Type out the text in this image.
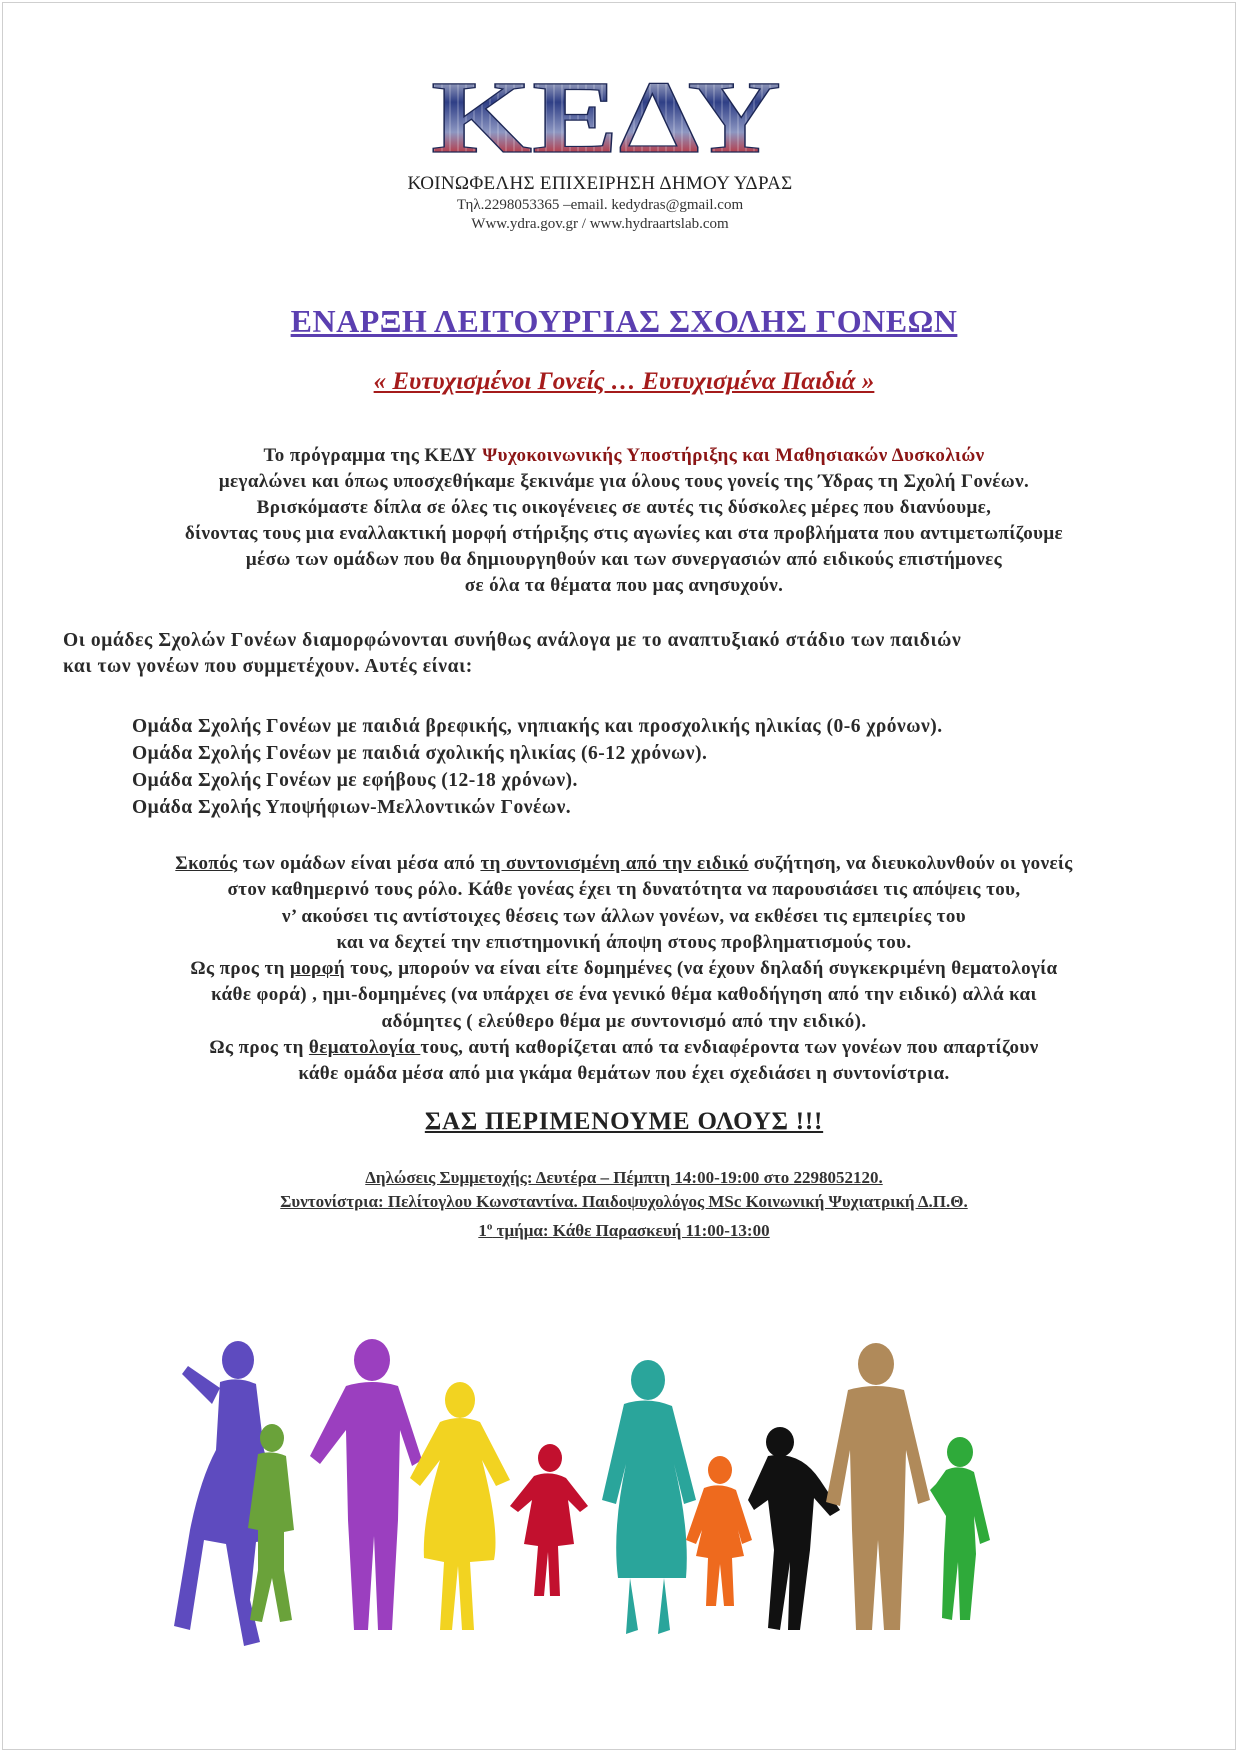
ΚΕΔΥ
ΚΟΙΝΩΦΕΛΗΣ ΕΠΙΧΕΙΡΗΣΗ ΔΗΜΟΥ ΥΔΡΑΣ
Τηλ.2298053365 –email. kedydras@gmail.com
Www.ydra.gov.gr / www.hydraartslab.com
ΕΝΑΡΞΗ ΛΕΙΤΟΥΡΓΙΑΣ ΣΧΟΛΗΣ ΓΟΝΕΩΝ
« Ευτυχισμένοι Γονείς … Ευτυχισμένα Παιδιά »
Το πρόγραμμα της ΚΕΔΥ Ψυχοκοινωνικής Υποστήριξης και Μαθησιακών Δυσκολιών
μεγαλώνει και όπως υποσχεθήκαμε ξεκινάμε για όλους τους γονείς της Ύδρας τη Σχολή Γονέων.
Βρισκόμαστε δίπλα σε όλες τις οικογένειες σε αυτές τις δύσκολες μέρες που διανύουμε,
δίνοντας τους μια εναλλακτική μορφή στήριξης στις αγωνίες και στα προβλήματα που αντιμετωπίζουμε
μέσω των ομάδων που θα δημιουργηθούν και των συνεργασιών από ειδικούς επιστήμονες
σε όλα τα θέματα που μας ανησυχούν.
Οι ομάδες Σχολών Γονέων διαμορφώνονται συνήθως ανάλογα με το αναπτυξιακό στάδιο των παιδιών
και των γονέων που συμμετέχουν. Αυτές είναι:
Ομάδα Σχολής Γονέων με παιδιά βρεφικής, νηπιακής και προσχολικής ηλικίας (0-6 χρόνων).
Ομάδα Σχολής Γονέων με παιδιά σχολικής ηλικίας (6-12 χρόνων).
Ομάδα Σχολής Γονέων με εφήβους (12-18 χρόνων).
Ομάδα Σχολής Υποψήφιων-Μελλοντικών Γονέων.
Σκοπός των ομάδων είναι μέσα από τη συντονισμένη από την ειδικό συζήτηση, να διευκολυνθούν οι γονείς
στον καθημερινό τους ρόλο. Κάθε γονέας έχει τη δυνατότητα να παρουσιάσει τις απόψεις του,
ν’ ακούσει τις αντίστοιχες θέσεις των άλλων γονέων, να εκθέσει τις εμπειρίες του
και να δεχτεί την επιστημονική άποψη στους προβληματισμούς του.
Ως προς τη μορφή τους, μπορούν να είναι είτε δομημένες (να έχουν δηλαδή συγκεκριμένη θεματολογία
κάθε φορά) , ημι-δομημένες (να υπάρχει σε ένα γενικό θέμα καθοδήγηση από την ειδικό) αλλά και
αδόμητες ( ελεύθερο θέμα με συντονισμό από την ειδικό).
Ως προς τη θεματολογία τους, αυτή καθορίζεται από τα ενδιαφέροντα των γονέων που απαρτίζουν
κάθε ομάδα μέσα από μια γκάμα θεμάτων που έχει σχεδιάσει η συντονίστρια.
ΣΑΣ ΠΕΡΙΜΕΝΟΥΜΕ ΟΛΟΥΣ !!!
Δηλώσεις Συμμετοχής: Δευτέρα – Πέμπτη 14:00-19:00 στο 2298052120.
Συντονίστρια: Πελίτογλου Κωνσταντίνα. Παιδοψυχολόγος MSc Κοινωνική Ψυχιατρική Δ.Π.Θ.
$1^o$ τμήμα: Κάθε Παρασκευή 11:00-13:00
